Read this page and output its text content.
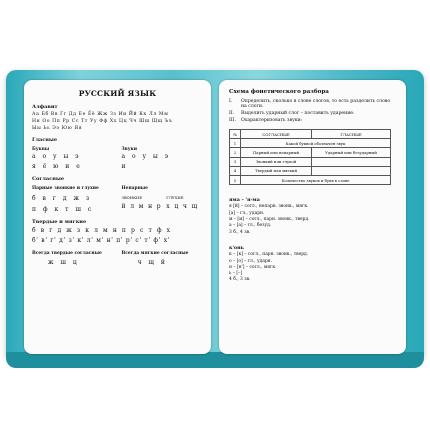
РУССКИЙ ЯЗЫК
Алфавит
Аа Бб Вв Гг Дд Ее Ёё Жж Зз Ии Йй Кк Лл Мм
Нн Оо Пп Рр Сс Тт Уу Фф Хх Цц Чч Шш Щщ Ъъ
Ыы Ьь Ээ Юю Яя
Гласные
Буквы
а о у ы э
я ё ю и е
Звуки
а о у ы э
и
Согласные
Парные звонкие и глухие
б в г д ж з
п ф к т ш с
Непарные
ЗВОНКИЕ	ГЛУХИЕ
й л м н р х ц ч щ
Твердые и мягкие
б в г д ж з к л м н п р с т ф х
б' в' г' д' з' к' л' м' н' п' р' с' т' ф' х'
Всегда твердые согласные
ж ш ц
Всегда мягкие согласные
ч щ й
Схема фонетического разбора
I.	Определить, сколько в слове слогов, то есть разделить слово на слоги.
II.	Выделить ударный слог – поставить ударение.
III.	Охарактеризовать звуки:
№	СОГЛАСНЫЕ	ГЛАСНЫЕ
1	Какой буквой обозначен звук	
2	Парный или непарный	Ударный или безударный
3	Звонкий или глухой	
4	Твердый или мягкий	
5	Количество звуков и букв в слове	
яма – 'я-ма
я [й] – согл., непарн. звонк., мягк.
[а] – гл., ударн.
м – [м] – согл., парн. звонк., тверд.
а – [а] – гл., безуд.
3 б., 4 зв.
к'онь
к – [к] – согл., парн. звонк., тверд.
о – [о] – гл., ударн.
н – [н'] – согл., мягк.
ь – [–]
4 б., 3 зв.
